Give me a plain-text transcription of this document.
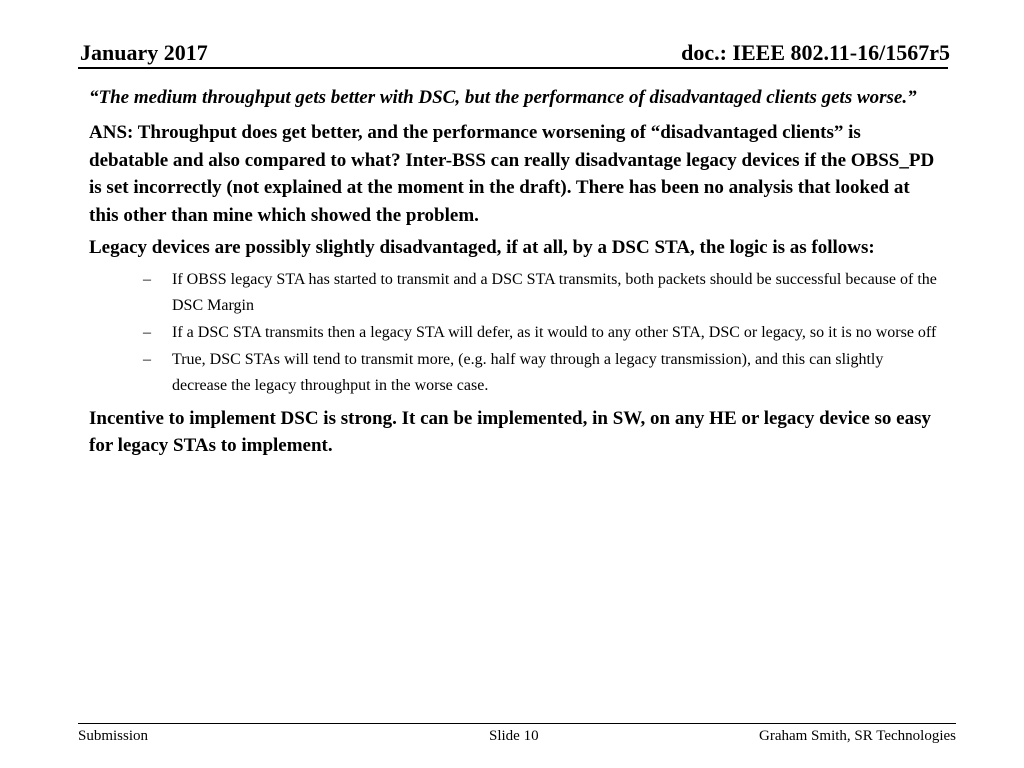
January 2017	doc.: IEEE 802.11-16/1567r5

“The medium throughput gets better with DSC, but the performance of disadvantaged clients gets worse.”

ANS: Throughput does get better, and the performance worsening of “disadvantaged clients” is debatable and also compared to what? Inter-BSS can really disadvantage legacy devices if the OBSS_PD is set incorrectly (not explained at the moment in the draft). There has been no analysis that looked at this other than mine which showed the problem.

Legacy devices are possibly slightly disadvantaged, if at all, by a DSC STA, the logic is as follows:

– If OBSS legacy STA has started to transmit and a DSC STA transmits, both packets should be successful because of the DSC Margin
– If a DSC STA transmits then a legacy STA will defer, as it would to any other STA, DSC or legacy, so it is no worse off
– True, DSC STAs will tend to transmit more, (e.g. half way through a legacy transmission), and this can slightly decrease the legacy throughput in the worse case.

Incentive to implement DSC is strong. It can be implemented, in SW, on any HE or legacy device so easy for legacy STAs to implement.

Submission	Slide 10	Graham Smith, SR Technologies
